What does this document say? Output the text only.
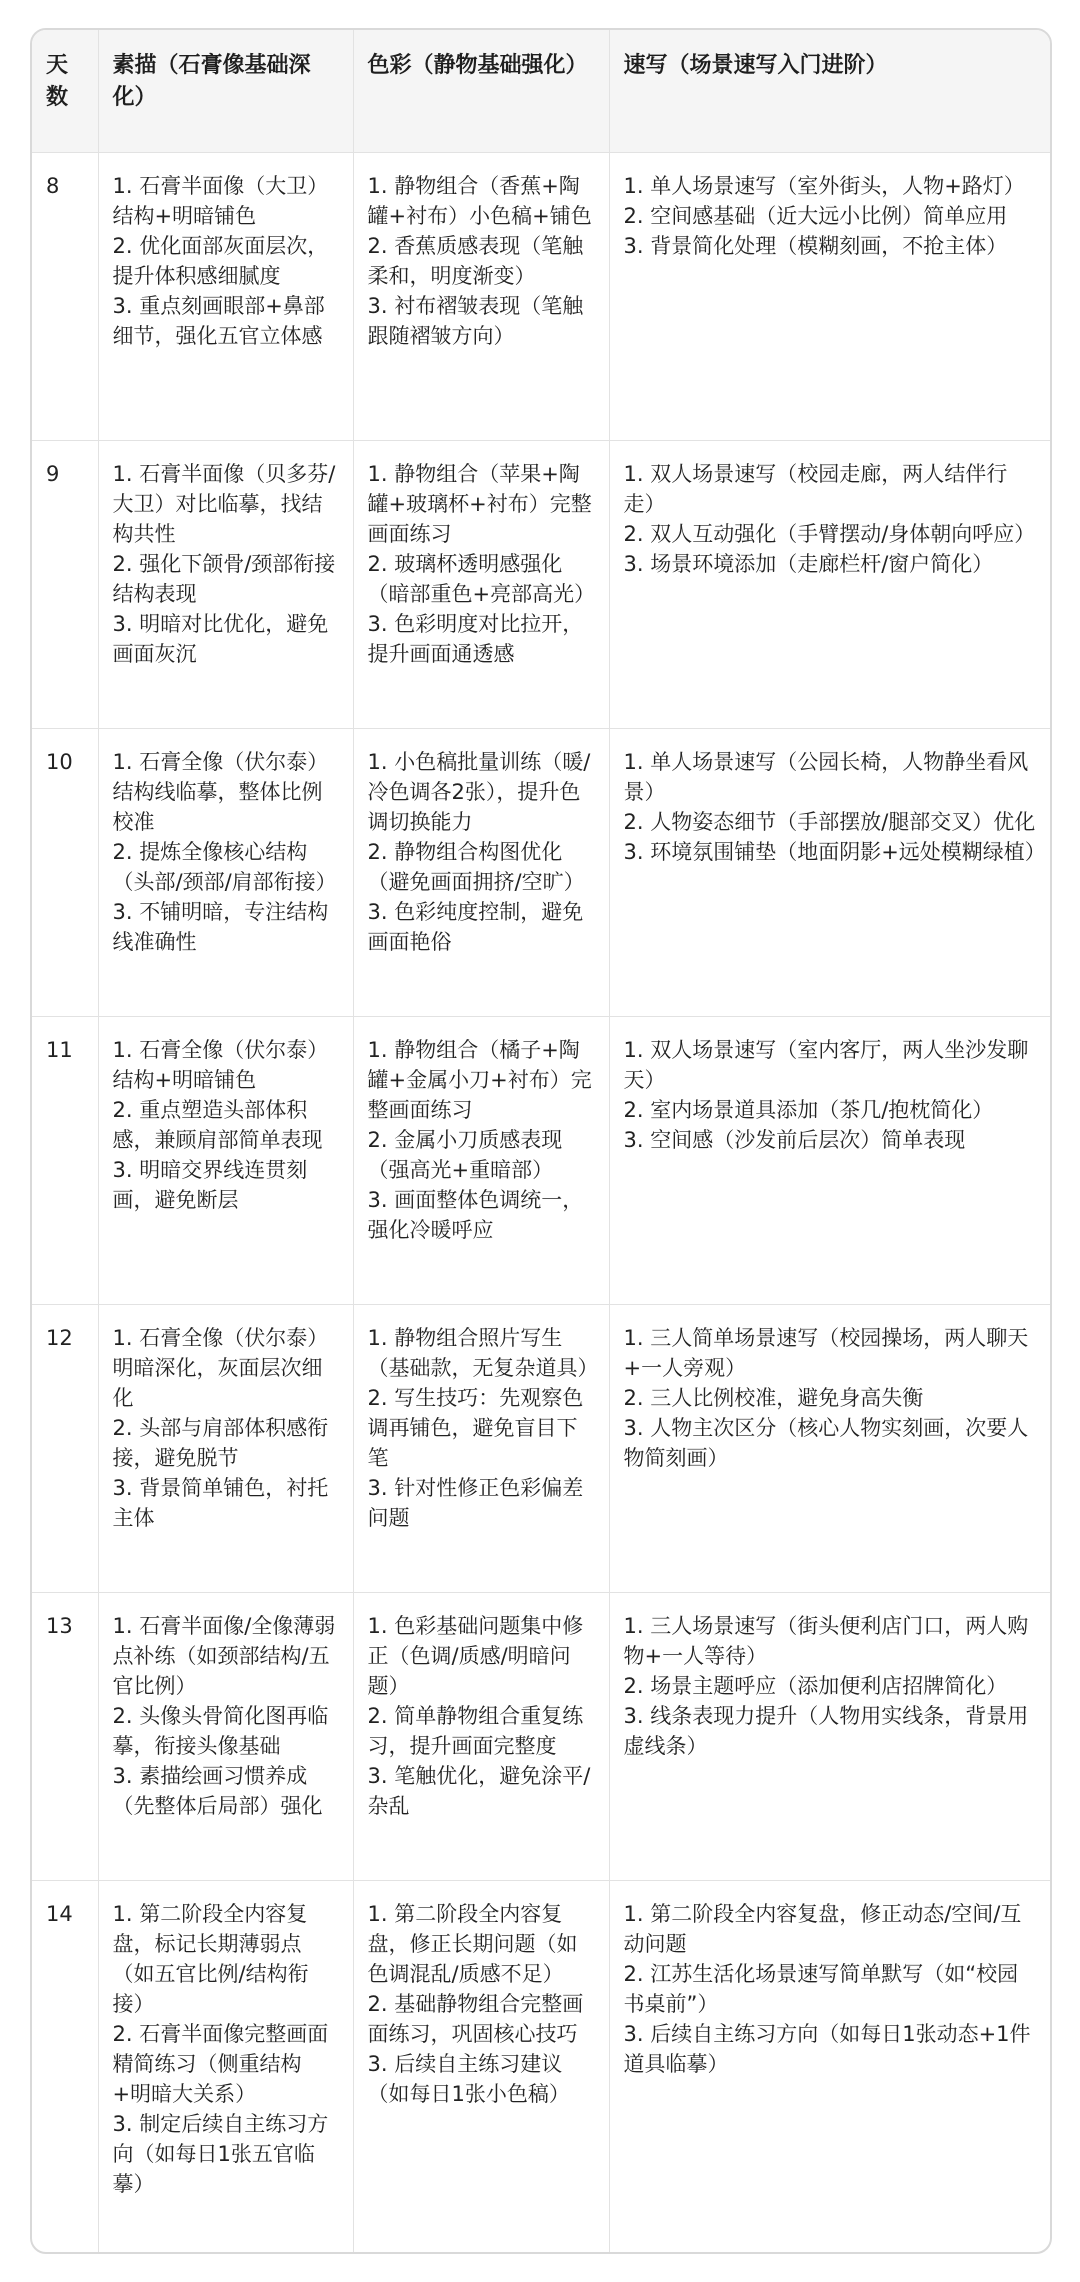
天数	素描（石膏像基础深化）	色彩（静物基础强化）	速写（场景速写入门进阶）
8	1. 石膏半面像（大卫）结构+明暗铺色
2. 优化面部灰面层次，提升体积感细腻度
3. 重点刻画眼部+鼻部细节，强化五官立体感	1. 静物组合（香蕉+陶罐+衬布）小色稿+铺色
2. 香蕉质感表现（笔触柔和，明度渐变）
3. 衬布褶皱表现（笔触跟随褶皱方向）	1. 单人场景速写（室外街头，人物+路灯）
2. 空间感基础（近大远小比例）简单应用
3. 背景简化处理（模糊刻画，不抢主体）

9	1. 石膏半面像（贝多芬/大卫）对比临摹，找结构共性
2. 强化下颌骨/颈部衔接结构表现
3. 明暗对比优化，避免画面灰沉	1. 静物组合（苹果+陶罐+玻璃杯+衬布）完整画面练习
2. 玻璃杯透明感强化（暗部重色+亮部高光）
3. 色彩明度对比拉开，提升画面通透感	1. 双人场景速写（校园走廊，两人结伴行走）
2. 双人互动强化（手臂摆动/身体朝向呼应）
3. 场景环境添加（走廊栏杆/窗户简化）

10	1. 石膏全像（伏尔泰）结构线临摹，整体比例校准
2. 提炼全像核心结构（头部/颈部/肩部衔接）
3. 不铺明暗，专注结构线准确性	1. 小色稿批量训练（暖/冷色调各2张），提升色调切换能力
2. 静物组合构图优化（避免画面拥挤/空旷）
3. 色彩纯度控制，避免画面艳俗	1. 单人场景速写（公园长椅，人物静坐看风景）
2. 人物姿态细节（手部摆放/腿部交叉）优化
3. 环境氛围铺垫（地面阴影+远处模糊绿植）

11	1. 石膏全像（伏尔泰）结构+明暗铺色
2. 重点塑造头部体积感，兼顾肩部简单表现
3. 明暗交界线连贯刻画，避免断层	1. 静物组合（橘子+陶罐+金属小刀+衬布）完整画面练习
2. 金属小刀质感表现（强高光+重暗部）
3. 画面整体色调统一，强化冷暖呼应	1. 双人场景速写（室内客厅，两人坐沙发聊天）
2. 室内场景道具添加（茶几/抱枕简化）
3. 空间感（沙发前后层次）简单表现

12	1. 石膏全像（伏尔泰）明暗深化，灰面层次细化
2. 头部与肩部体积感衔接，避免脱节
3. 背景简单铺色，衬托主体	1. 静物组合照片写生（基础款，无复杂道具）
2. 写生技巧：先观察色调再铺色，避免盲目下笔
3. 针对性修正色彩偏差问题	1. 三人简单场景速写（校园操场，两人聊天+一人旁观）
2. 三人比例校准，避免身高失衡
3. 人物主次区分（核心人物实刻画，次要人物简刻画）

13	1. 石膏半面像/全像薄弱点补练（如颈部结构/五官比例）
2. 头像头骨简化图再临摹，衔接头像基础
3. 素描绘画习惯养成（先整体后局部）强化	1. 色彩基础问题集中修正（色调/质感/明暗问题）
2. 简单静物组合重复练习，提升画面完整度
3. 笔触优化，避免涂平/杂乱	1. 三人场景速写（街头便利店门口，两人购物+一人等待）
2. 场景主题呼应（添加便利店招牌简化）
3. 线条表现力提升（人物用实线条，背景用虚线条）

14	1. 第二阶段全内容复盘，标记长期薄弱点（如五官比例/结构衔接）
2. 石膏半面像完整画面精简练习（侧重结构+明暗大关系）
3. 制定后续自主练习方向（如每日1张五官临摹）	1. 第二阶段全内容复盘，修正长期问题（如色调混乱/质感不足）
2. 基础静物组合完整画面练习，巩固核心技巧
3. 后续自主练习建议（如每日1张小色稿）	1. 第二阶段全内容复盘，修正动态/空间/互动问题
2. 江苏生活化场景速写简单默写（如“校园书桌前”）
3. 后续自主练习方向（如每日1张动态+1件道具临摹）
